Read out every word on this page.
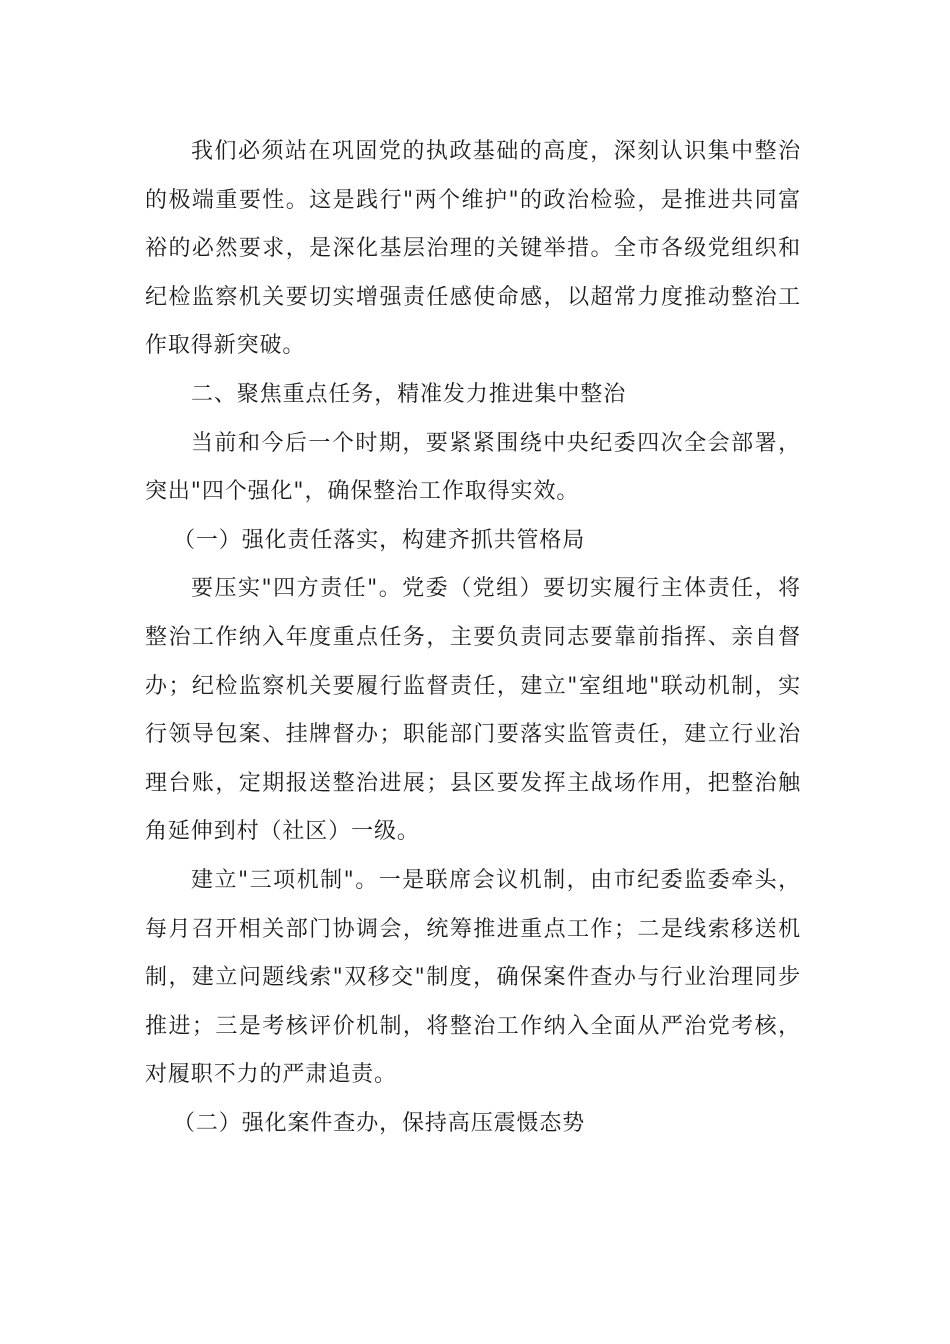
我们必须站在巩固党的执政基础的高度，深刻认识集中整治的极端重要性。这是践行"两个维护"的政治检验，是推进共同富裕的必然要求，是深化基层治理的关键举措。全市各级党组织和纪检监察机关要切实增强责任感使命感，以超常力度推动整治工作取得新突破。

二、聚焦重点任务，精准发力推进集中整治

当前和今后一个时期，要紧紧围绕中央纪委四次全会部署，突出"四个强化"，确保整治工作取得实效。

（一）强化责任落实，构建齐抓共管格局

要压实"四方责任"。党委（党组）要切实履行主体责任，将整治工作纳入年度重点任务，主要负责同志要靠前指挥、亲自督办；纪检监察机关要履行监督责任，建立"室组地"联动机制，实行领导包案、挂牌督办；职能部门要落实监管责任，建立行业治理台账，定期报送整治进展；县区要发挥主战场作用，把整治触角延伸到村（社区）一级。

建立"三项机制"。一是联席会议机制，由市纪委监委牵头，每月召开相关部门协调会，统筹推进重点工作；二是线索移送机制，建立问题线索"双移交"制度，确保案件查办与行业治理同步推进；三是考核评价机制，将整治工作纳入全面从严治党考核，对履职不力的严肃追责。

（二）强化案件查办，保持高压震慑态势
